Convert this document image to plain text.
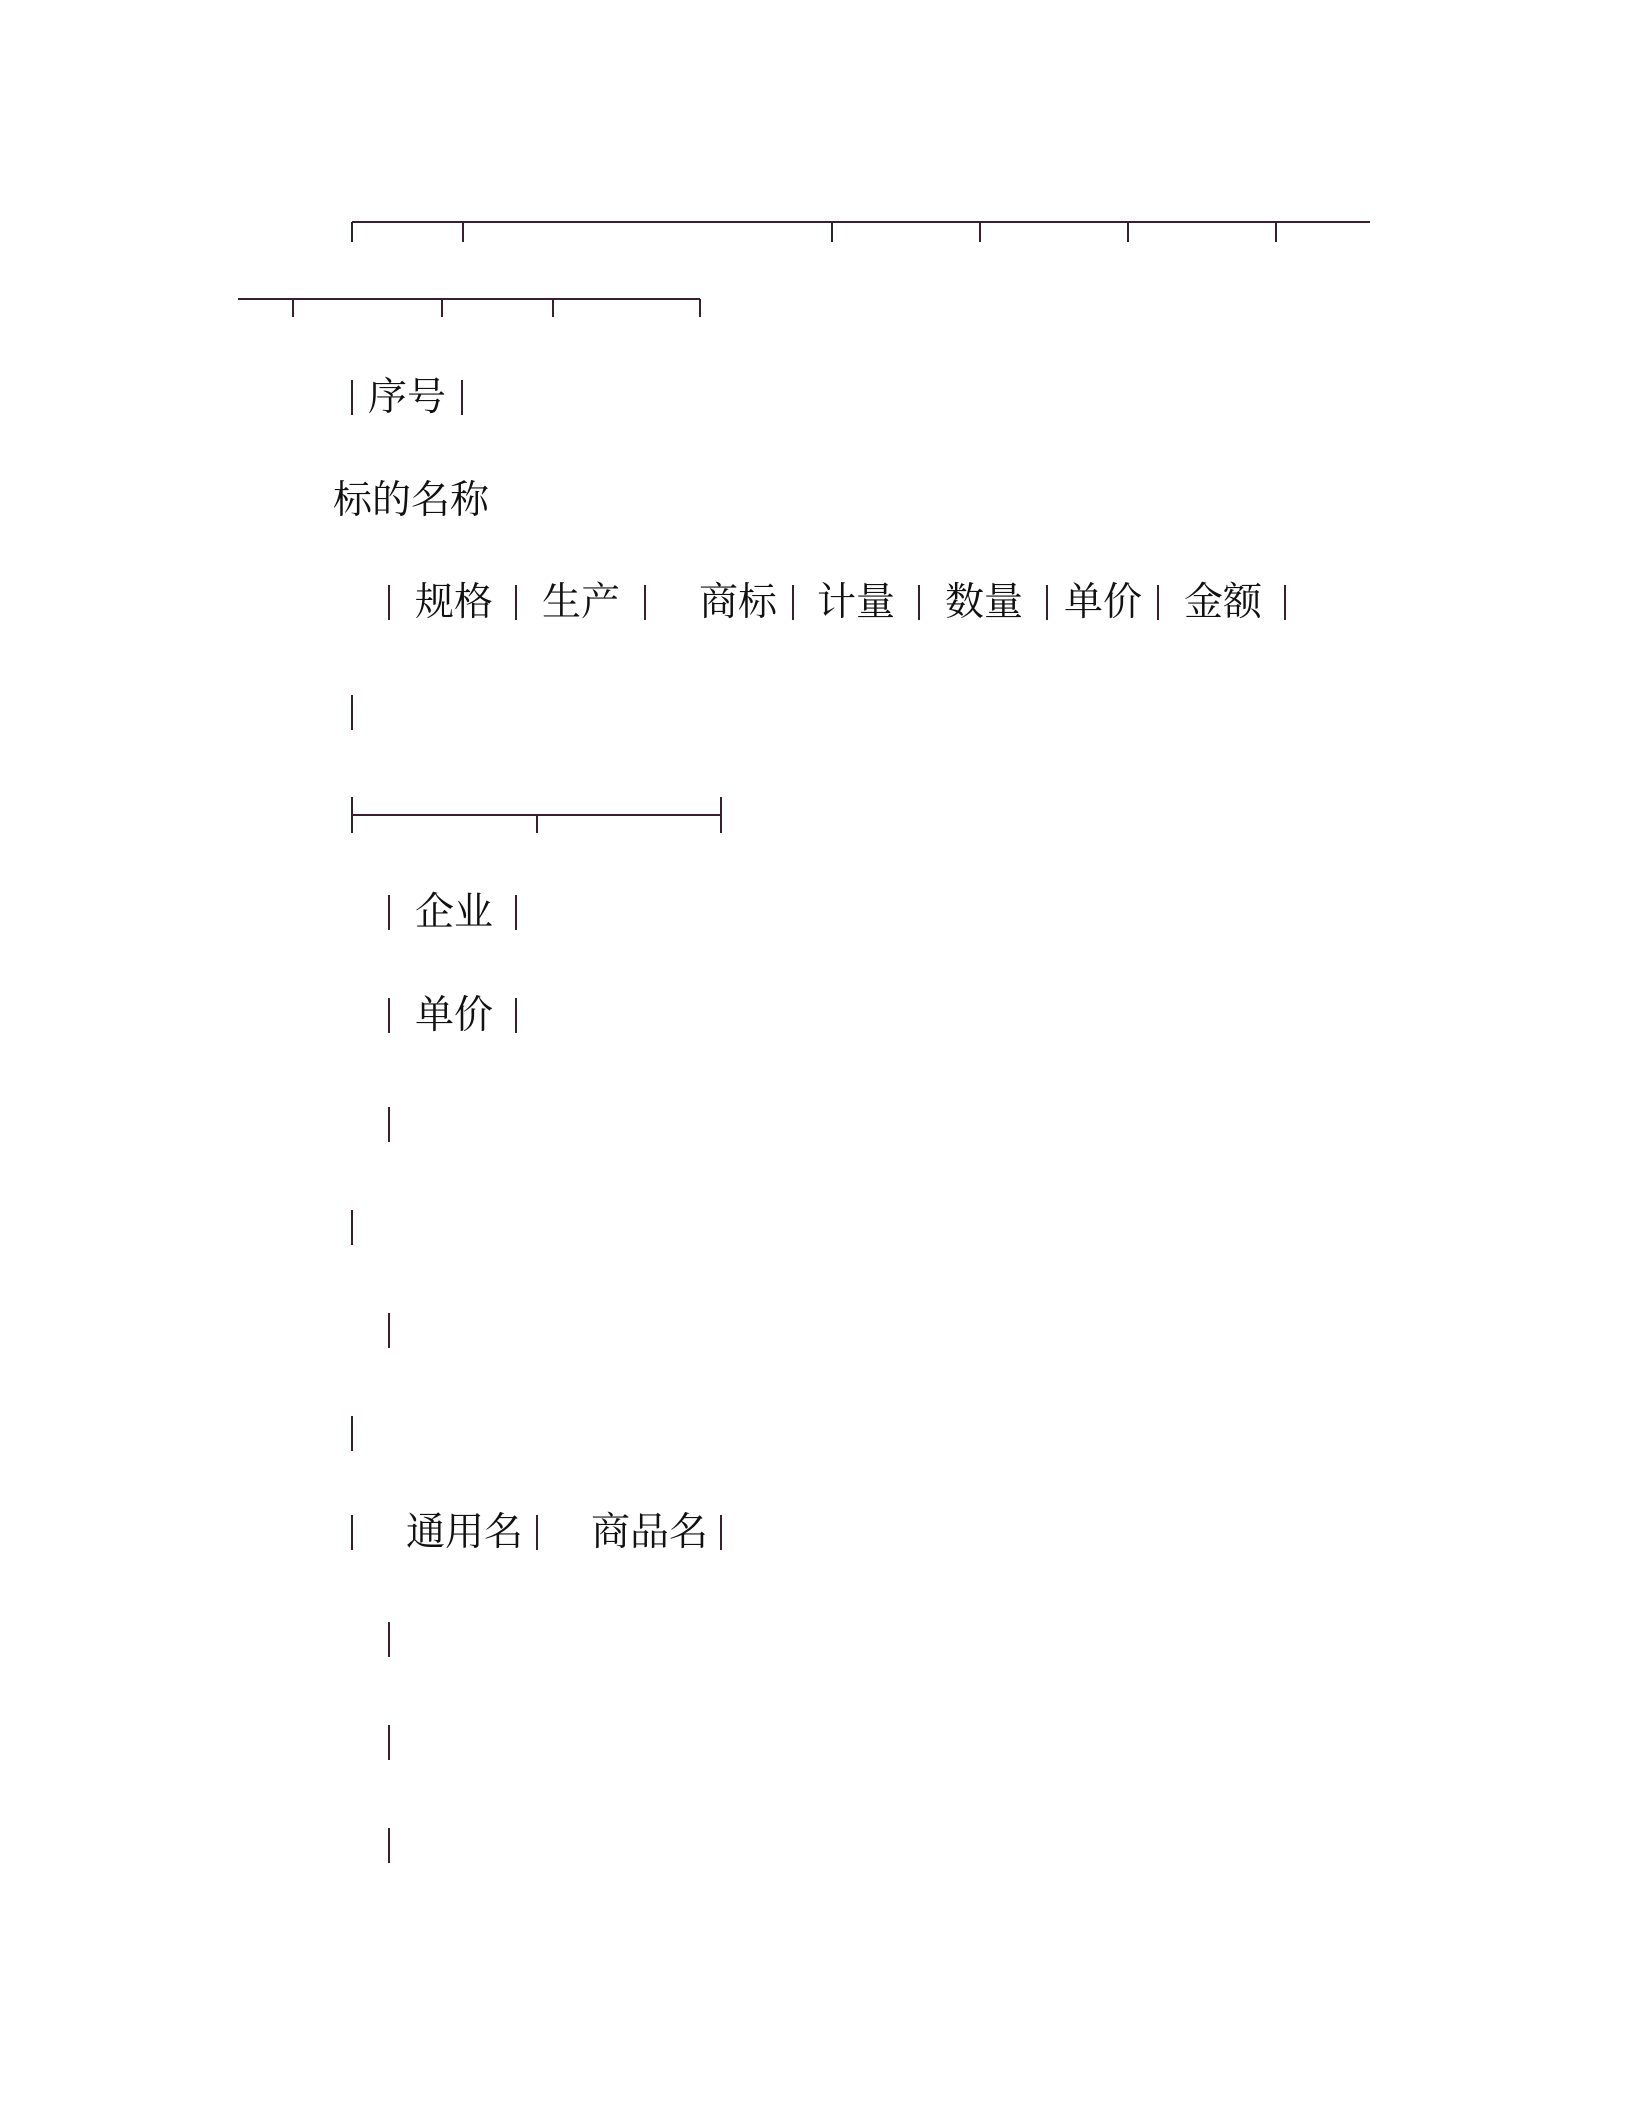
序号
标的名称
规格 生产 商标 计量 数量 单价 金额
企业
单价
通用名 商品名
